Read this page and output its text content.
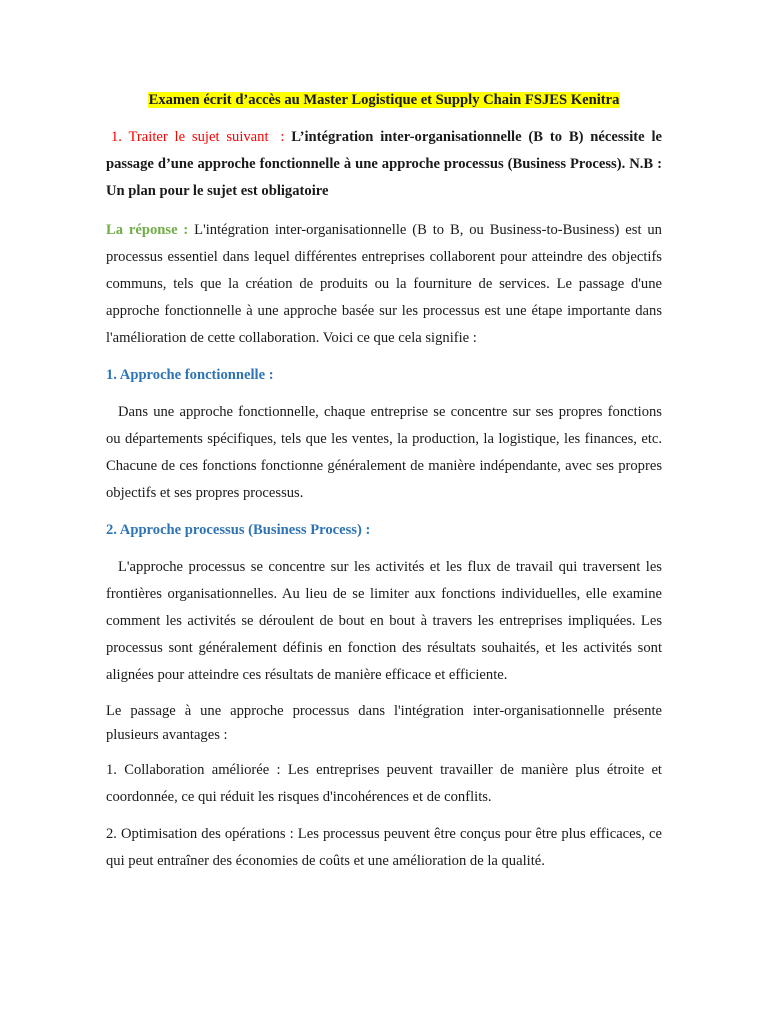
Examen écrit d’accès au Master Logistique et Supply Chain FSJES Kenitra

1. Traiter le sujet suivant : L’intégration inter-organisationnelle (B to B) nécessite le passage d’une approche fonctionnelle à une approche processus (Business Process). N.B : Un plan pour le sujet est obligatoire

La réponse : L'intégration inter-organisationnelle (B to B, ou Business-to-Business) est un processus essentiel dans lequel différentes entreprises collaborent pour atteindre des objectifs communs, tels que la création de produits ou la fourniture de services. Le passage d'une approche fonctionnelle à une approche basée sur les processus est une étape importante dans l'amélioration de cette collaboration. Voici ce que cela signifie :

1. Approche fonctionnelle :

Dans une approche fonctionnelle, chaque entreprise se concentre sur ses propres fonctions ou départements spécifiques, tels que les ventes, la production, la logistique, les finances, etc. Chacune de ces fonctions fonctionne généralement de manière indépendante, avec ses propres objectifs et ses propres processus.

2. Approche processus (Business Process) :

L'approche processus se concentre sur les activités et les flux de travail qui traversent les frontières organisationnelles. Au lieu de se limiter aux fonctions individuelles, elle examine comment les activités se déroulent de bout en bout à travers les entreprises impliquées. Les processus sont généralement définis en fonction des résultats souhaités, et les activités sont alignées pour atteindre ces résultats de manière efficace et efficiente.

Le passage à une approche processus dans l'intégration inter-organisationnelle présente plusieurs avantages :

1. Collaboration améliorée : Les entreprises peuvent travailler de manière plus étroite et coordonnée, ce qui réduit les risques d'incohérences et de conflits.

2. Optimisation des opérations : Les processus peuvent être conçus pour être plus efficaces, ce qui peut entraîner des économies de coûts et une amélioration de la qualité.
